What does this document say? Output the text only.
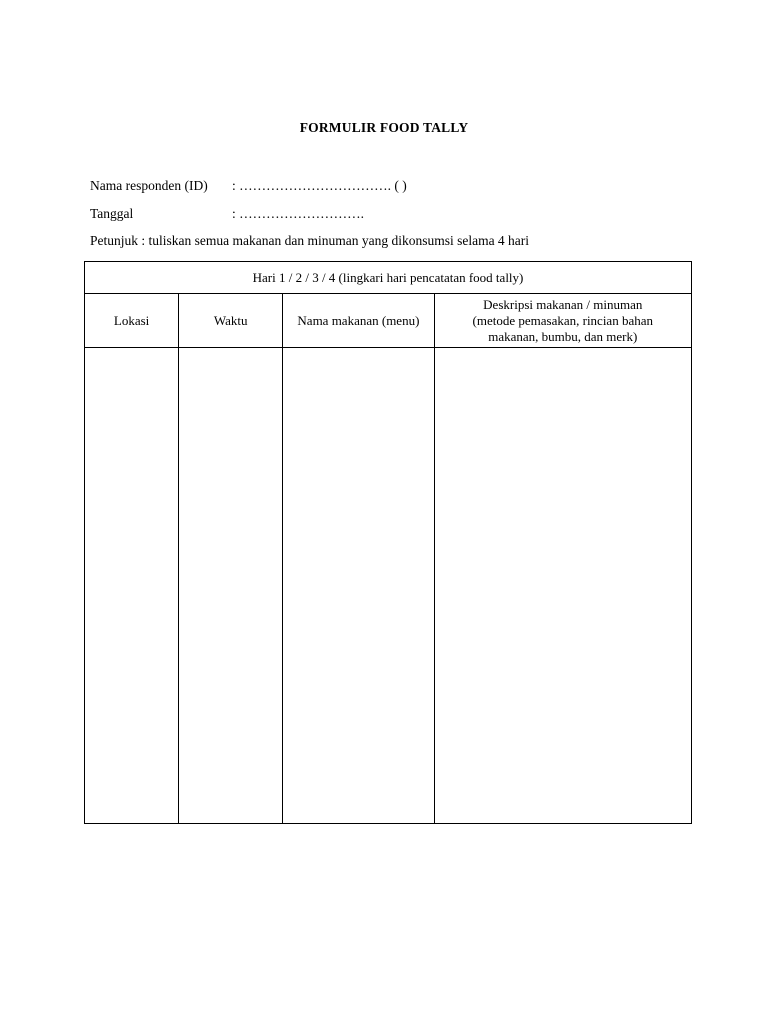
FORMULIR FOOD TALLY
Nama responden (ID) : ……………………………. ( )
Tanggal	: ……………………….
Petunjuk : tuliskan semua makanan dan minuman yang dikonsumsi selama 4 hari
Hari 1 / 2 / 3 / 4 (lingkari hari pencatatan food tally)			
Lokasi	Waktu	Nama makanan (menu)	Deskripsi makanan / minuman
(metode pemasakan, rincian bahan
makanan, bumbu, dan merk)
